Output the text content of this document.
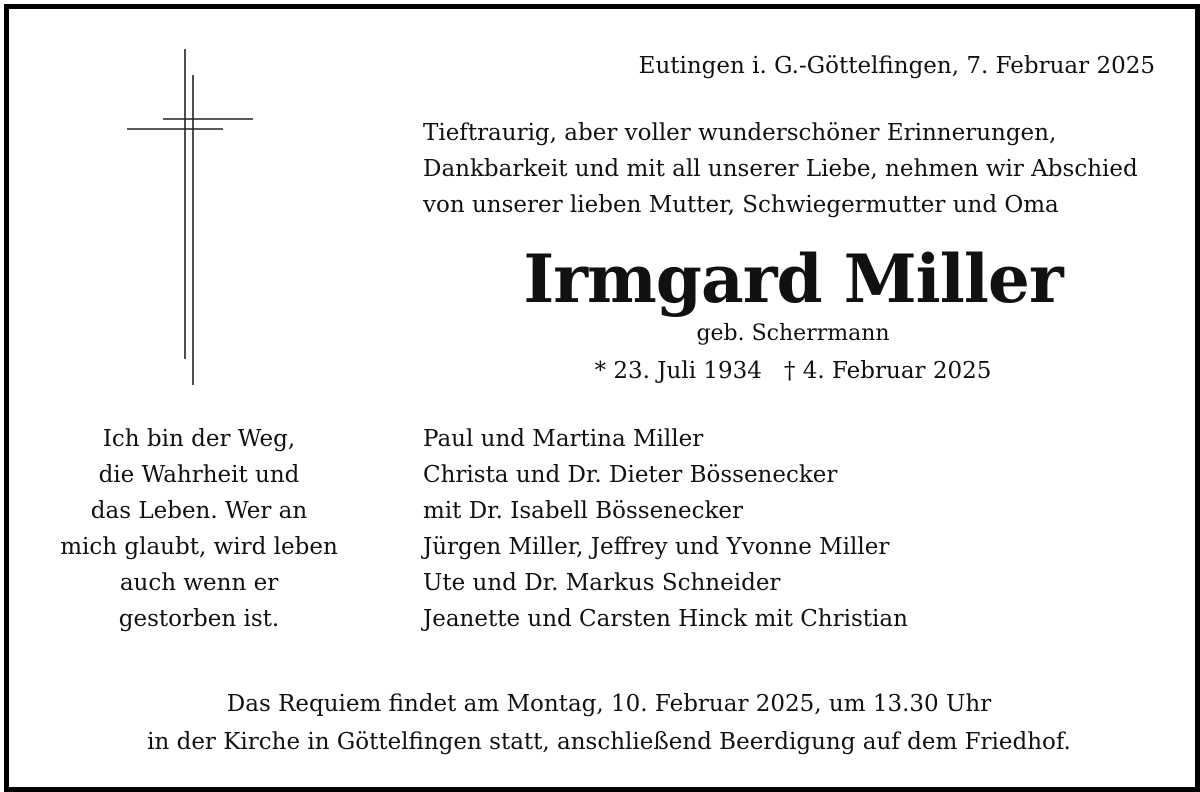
Eutingen i. G.-Göttelfingen, 7. Februar 2025
Tieftraurig, aber voller wunderschöner Erinnerungen,
Dankbarkeit und mit all unserer Liebe, nehmen wir Abschied
von unserer lieben Mutter, Schwiegermutter und Oma
Irmgard Miller
geb. Scherrmann
* 23. Juli 1934 † 4. Februar 2025
Ich bin der Weg,
die Wahrheit und
das Leben. Wer an
mich glaubt, wird leben
auch wenn er
gestorben ist.
Paul und Martina Miller
Christa und Dr. Dieter Bössenecker
mit Dr. Isabell Bössenecker
Jürgen Miller, Jeffrey und Yvonne Miller
Ute und Dr. Markus Schneider
Jeanette und Carsten Hinck mit Christian
Das Requiem findet am Montag, 10. Februar 2025, um 13.30 Uhr
in der Kirche in Göttelfingen statt, anschließend Beerdigung auf dem Friedhof.
